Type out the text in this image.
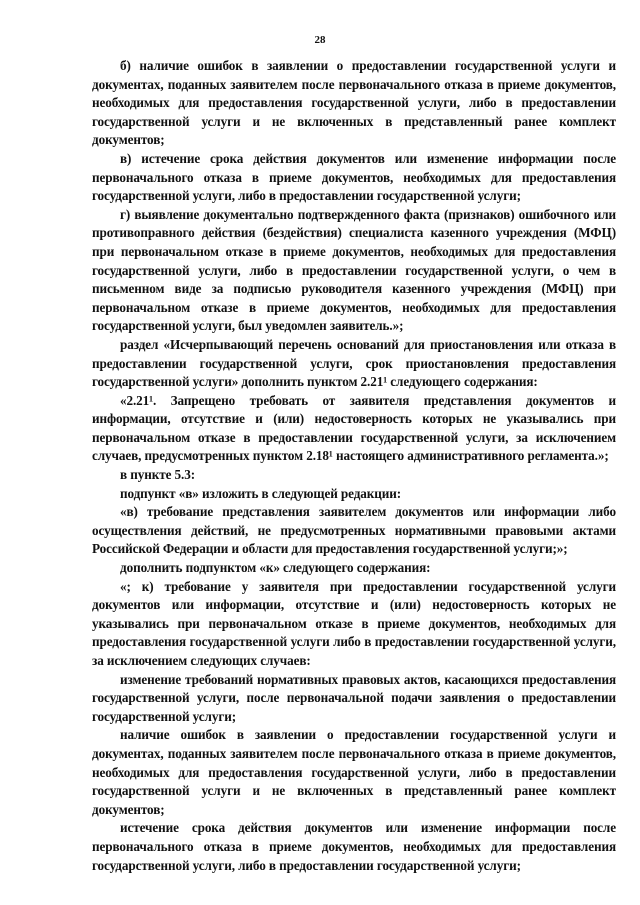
28

б) наличие ошибок в заявлении о предоставлении государственной услуги и документах, поданных заявителем после первоначального отказа в приеме документов, необходимых для предоставления государственной услуги, либо в предоставлении государственной услуги и не включенных в представленный ранее комплект документов;

в) истечение срока действия документов или изменение информации после первоначального отказа в приеме документов, необходимых для предоставления государственной услуги, либо в предоставлении государственной услуги;

г) выявление документально подтвержденного факта (признаков) ошибочного или противоправного действия (бездействия) специалиста казенного учреждения (МФЦ) при первоначальном отказе в приеме документов, необходимых для предоставления государственной услуги, либо в предоставлении государственной услуги, о чем в письменном виде за подписью руководителя казенного учреждения (МФЦ) при первоначальном отказе в приеме документов, необходимых для предоставления государственной услуги, был уведомлен заявитель.»;

раздел «Исчерпывающий перечень оснований для приостановления или отказа в предоставлении государственной услуги, срок приостановления предоставления государственной услуги» дополнить пунктом 2.21¹ следующего содержания:

«2.21¹. Запрещено требовать от заявителя представления документов и информации, отсутствие и (или) недостоверность которых не указывались при первоначальном отказе в предоставлении государственной услуги, за исключением случаев, предусмотренных пунктом 2.18¹ настоящего административного регламента.»;

в пункте 5.3:

подпункт «в» изложить в следующей редакции:

«в) требование представления заявителем документов или информации либо осуществления действий, не предусмотренных нормативными правовыми актами Российской Федерации и области для предоставления государственной услуги;»;

дополнить подпунктом «к» следующего содержания:

«; к) требование у заявителя при предоставлении государственной услуги документов или информации, отсутствие и (или) недостоверность которых не указывались при первоначальном отказе в приеме документов, необходимых для предоставления государственной услуги либо в предоставлении государственной услуги, за исключением следующих случаев:

изменение требований нормативных правовых актов, касающихся предоставления государственной услуги, после первоначальной подачи заявления о предоставлении государственной услуги;

наличие ошибок в заявлении о предоставлении государственной услуги и документах, поданных заявителем после первоначального отказа в приеме документов, необходимых для предоставления государственной услуги, либо в предоставлении государственной услуги и не включенных в представленный ранее комплект документов;

истечение срока действия документов или изменение информации после первоначального отказа в приеме документов, необходимых для предоставления государственной услуги, либо в предоставлении государственной услуги;
